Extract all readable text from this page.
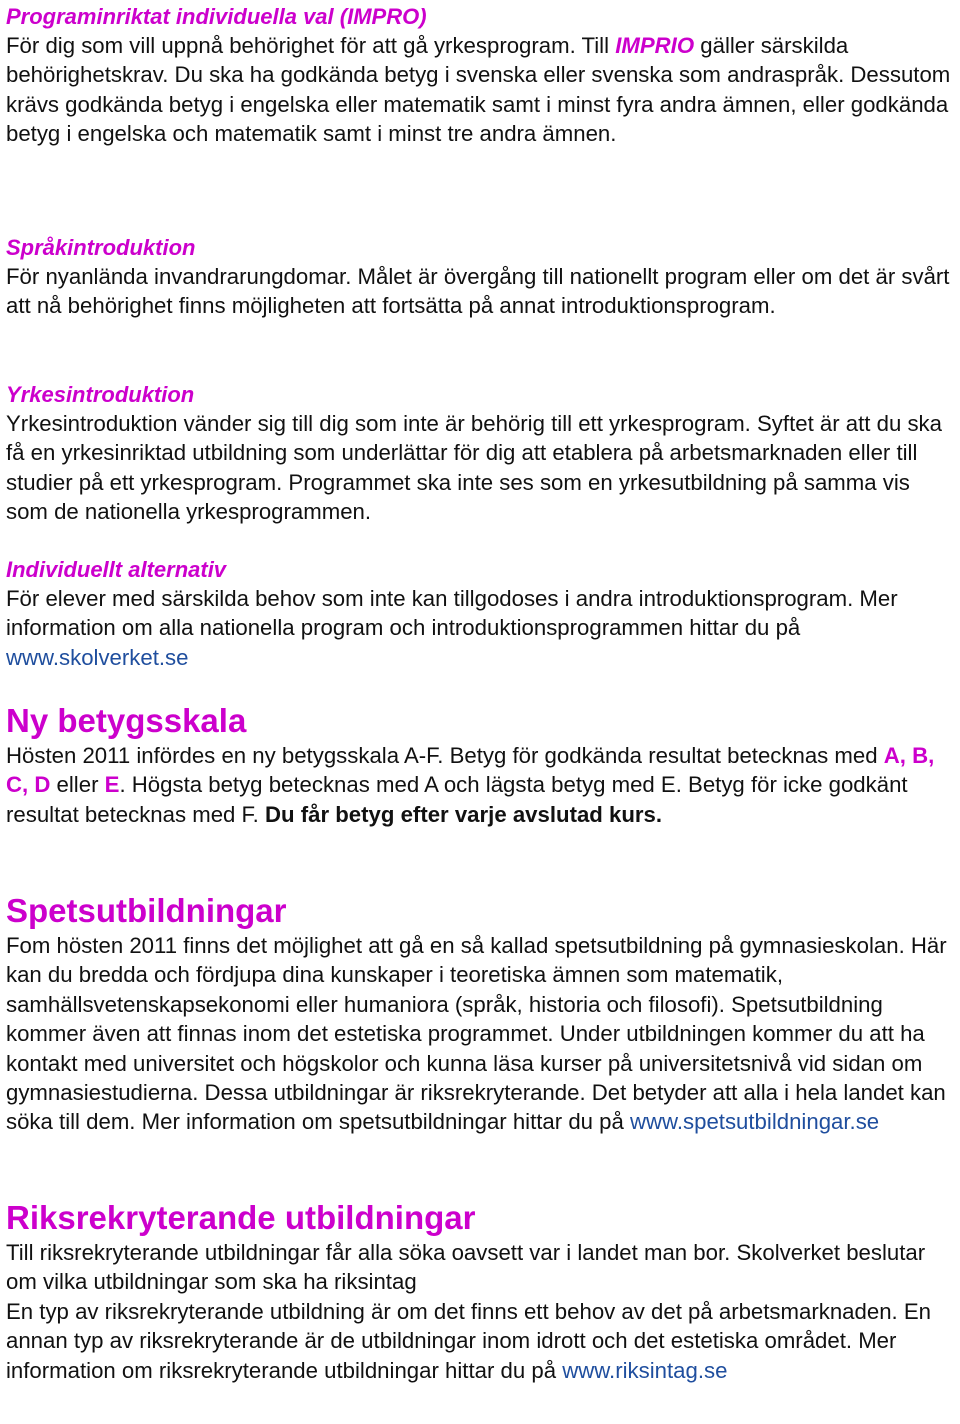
Programinriktat individuella val (IMPRO)

För dig som vill uppnå behörighet för att gå yrkesprogram. Till IMPRIO gäller särskilda behörighetskrav. Du ska ha godkända betyg i svenska eller svenska som andraspråk. Dessutom krävs godkända betyg i engelska eller matematik samt i minst fyra andra ämnen, eller godkända betyg i engelska och matematik samt i minst tre andra ämnen.

Språkintroduktion

För nyanlända invandrarungdomar. Målet är övergång till nationellt program eller om det är svårt att nå behörighet finns möjligheten att fortsätta på annat introduktionsprogram.

Yrkesintroduktion

Yrkesintroduktion vänder sig till dig som inte är behörig till ett yrkesprogram. Syftet är att du ska få en yrkesinriktad utbildning som underlättar för dig att etablera på arbetsmarknaden eller till studier på ett yrkesprogram. Programmet ska inte ses som en yrkesutbildning på samma vis som de nationella yrkesprogrammen.

Individuellt alternativ

För elever med särskilda behov som inte kan tillgodoses i andra introduktionsprogram. Mer information om alla nationella program och introduktionsprogrammen hittar du på www.skolverket.se

Ny betygsskala

Hösten 2011 infördes en ny betygsskala A-F. Betyg för godkända resultat betecknas med A, B, C, D eller E. Högsta betyg betecknas med A och lägsta betyg med E. Betyg för icke godkänt resultat betecknas med F. Du får betyg efter varje avslutad kurs.

Spetsutbildningar

Fom hösten 2011 finns det möjlighet att gå en så kallad spetsutbildning på gymnasieskolan. Här kan du bredda och fördjupa dina kunskaper i teoretiska ämnen som matematik, samhällsvetenskapsekonomi eller humaniora (språk, historia och filosofi). Spetsutbildning kommer även att finnas inom det estetiska programmet. Under utbildningen kommer du att ha kontakt med universitet och högskolor och kunna läsa kurser på universitetsnivå vid sidan om gymnasiestudierna. Dessa utbildningar är riksrekryterande. Det betyder att alla i hela landet kan söka till dem. Mer information om spetsutbildningar hittar du på www.spetsutbildningar.se

Riksrekryterande utbildningar

Till riksrekryterande utbildningar får alla söka oavsett var i landet man bor. Skolverket beslutar om vilka utbildningar som ska ha riksintag

En typ av riksrekryterande utbildning är om det finns ett behov av det på arbetsmarknaden. En annan typ av riksrekryterande är de utbildningar inom idrott och det estetiska området. Mer information om riksrekryterande utbildningar hittar du på www.riksintag.se
